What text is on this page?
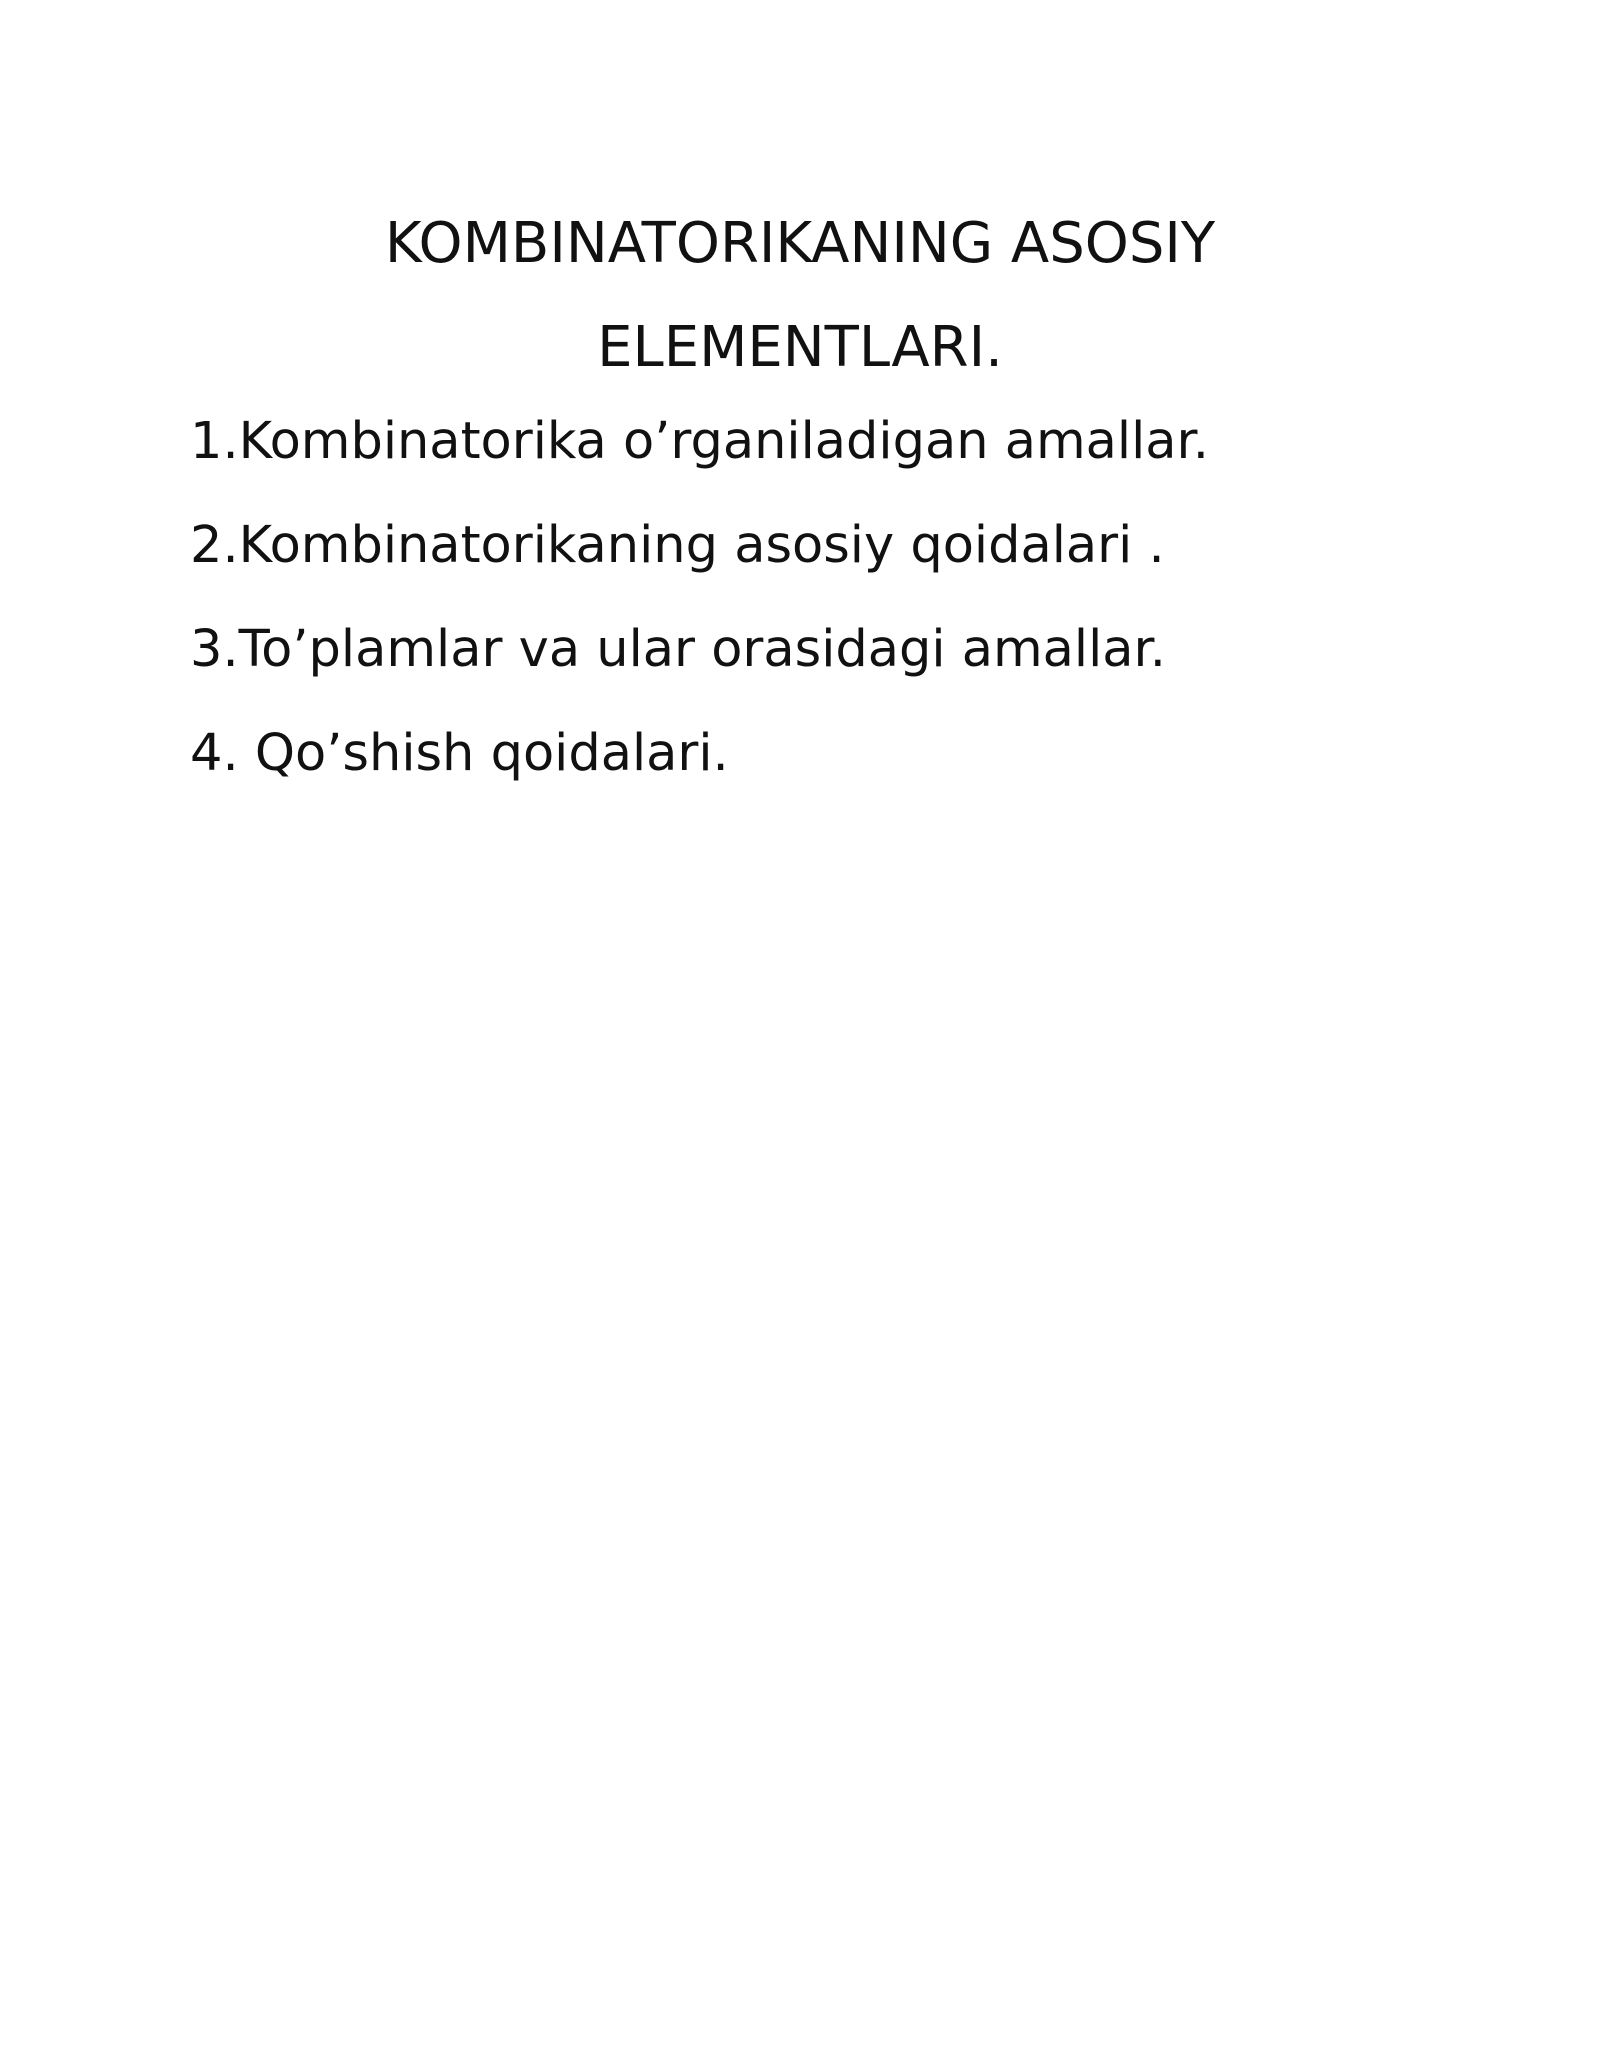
KOMBINATORIKANING ASOSIY
ELEMENTLARI.
1.Kombinatorika o’rganiladigan amallar.
2.Kombinatorikaning asosiy qoidalari .
3.To’plamlar va ular orasidagi amallar.
4. Qo’shish qoidalari.
